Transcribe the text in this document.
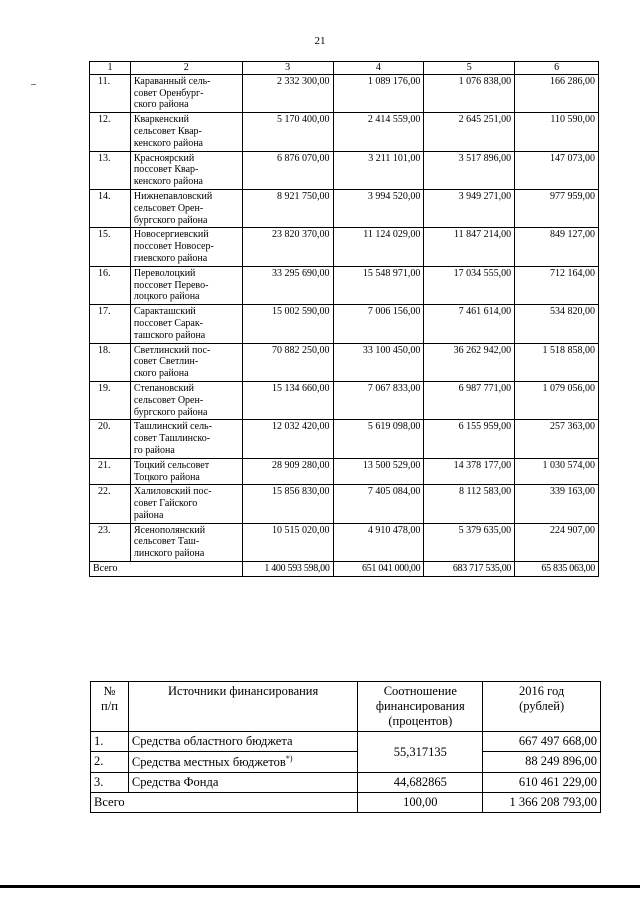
21
1	2	3	4	5	6
11.	Караванный сель-
совет Оренбург-
ского района	2 332 300,00	1 089 176,00	1 076 838,00	166 286,00
12.	Кваркенский
сельсовет Квар-
кенского района	5 170 400,00	2 414 559,00	2 645 251,00	110 590,00
13.	Красноярский
поссовет Квар-
кенского района	6 876 070,00	3 211 101,00	3 517 896,00	147 073,00
14.	Нижнепавловский
сельсовет Орен-
бургского района	8 921 750,00	3 994 520,00	3 949 271,00	977 959,00
15.	Новосергиевский
поссовет Новосер-
гиевского района	23 820 370,00	11 124 029,00	11 847 214,00	849 127,00
16.	Переволоцкий
поссовет Перево-
лоцкого района	33 295 690,00	15 548 971,00	17 034 555,00	712 164,00
17.	Саракташский
поссовет Сарак-
ташского района	15 002 590,00	7 006 156,00	7 461 614,00	534 820,00
18.	Светлинский пос-
совет Светлин-
ского района	70 882 250,00	33 100 450,00	36 262 942,00	1 518 858,00
19.	Степановский
сельсовет Орен-
бургского района	15 134 660,00	7 067 833,00	6 987 771,00	1 079 056,00
20.	Ташлинский сель-
совет Ташлинско-
го района	12 032 420,00	5 619 098,00	6 155 959,00	257 363,00
21.	Тоцкий сельсовет
Тоцкого района	28 909 280,00	13 500 529,00	14 378 177,00	1 030 574,00
22.	Халиловский пос-
совет Гайского
района	15 856 830,00	7 405 084,00	8 112 583,00	339 163,00
23.	Ясенополянский
сельсовет Таш-
линского района	10 515 020,00	4 910 478,00	5 379 635,00	224 907,00
Всего		1 400 593 598,00	651 041 000,00	683 717 535,00	65 835 063,00
№
п/п	Источники финансирования	Соотношение
финансирования
(процентов)	2016 год
(рублей)
1.	Средства областного бюджета	55,317135	667 497 668,00
2.	Средства местных бюджетов*)		88 249 896,00
3.	Средства Фонда	44,682865	610 461 229,00
Всего		100,00	1 366 208 793,00
